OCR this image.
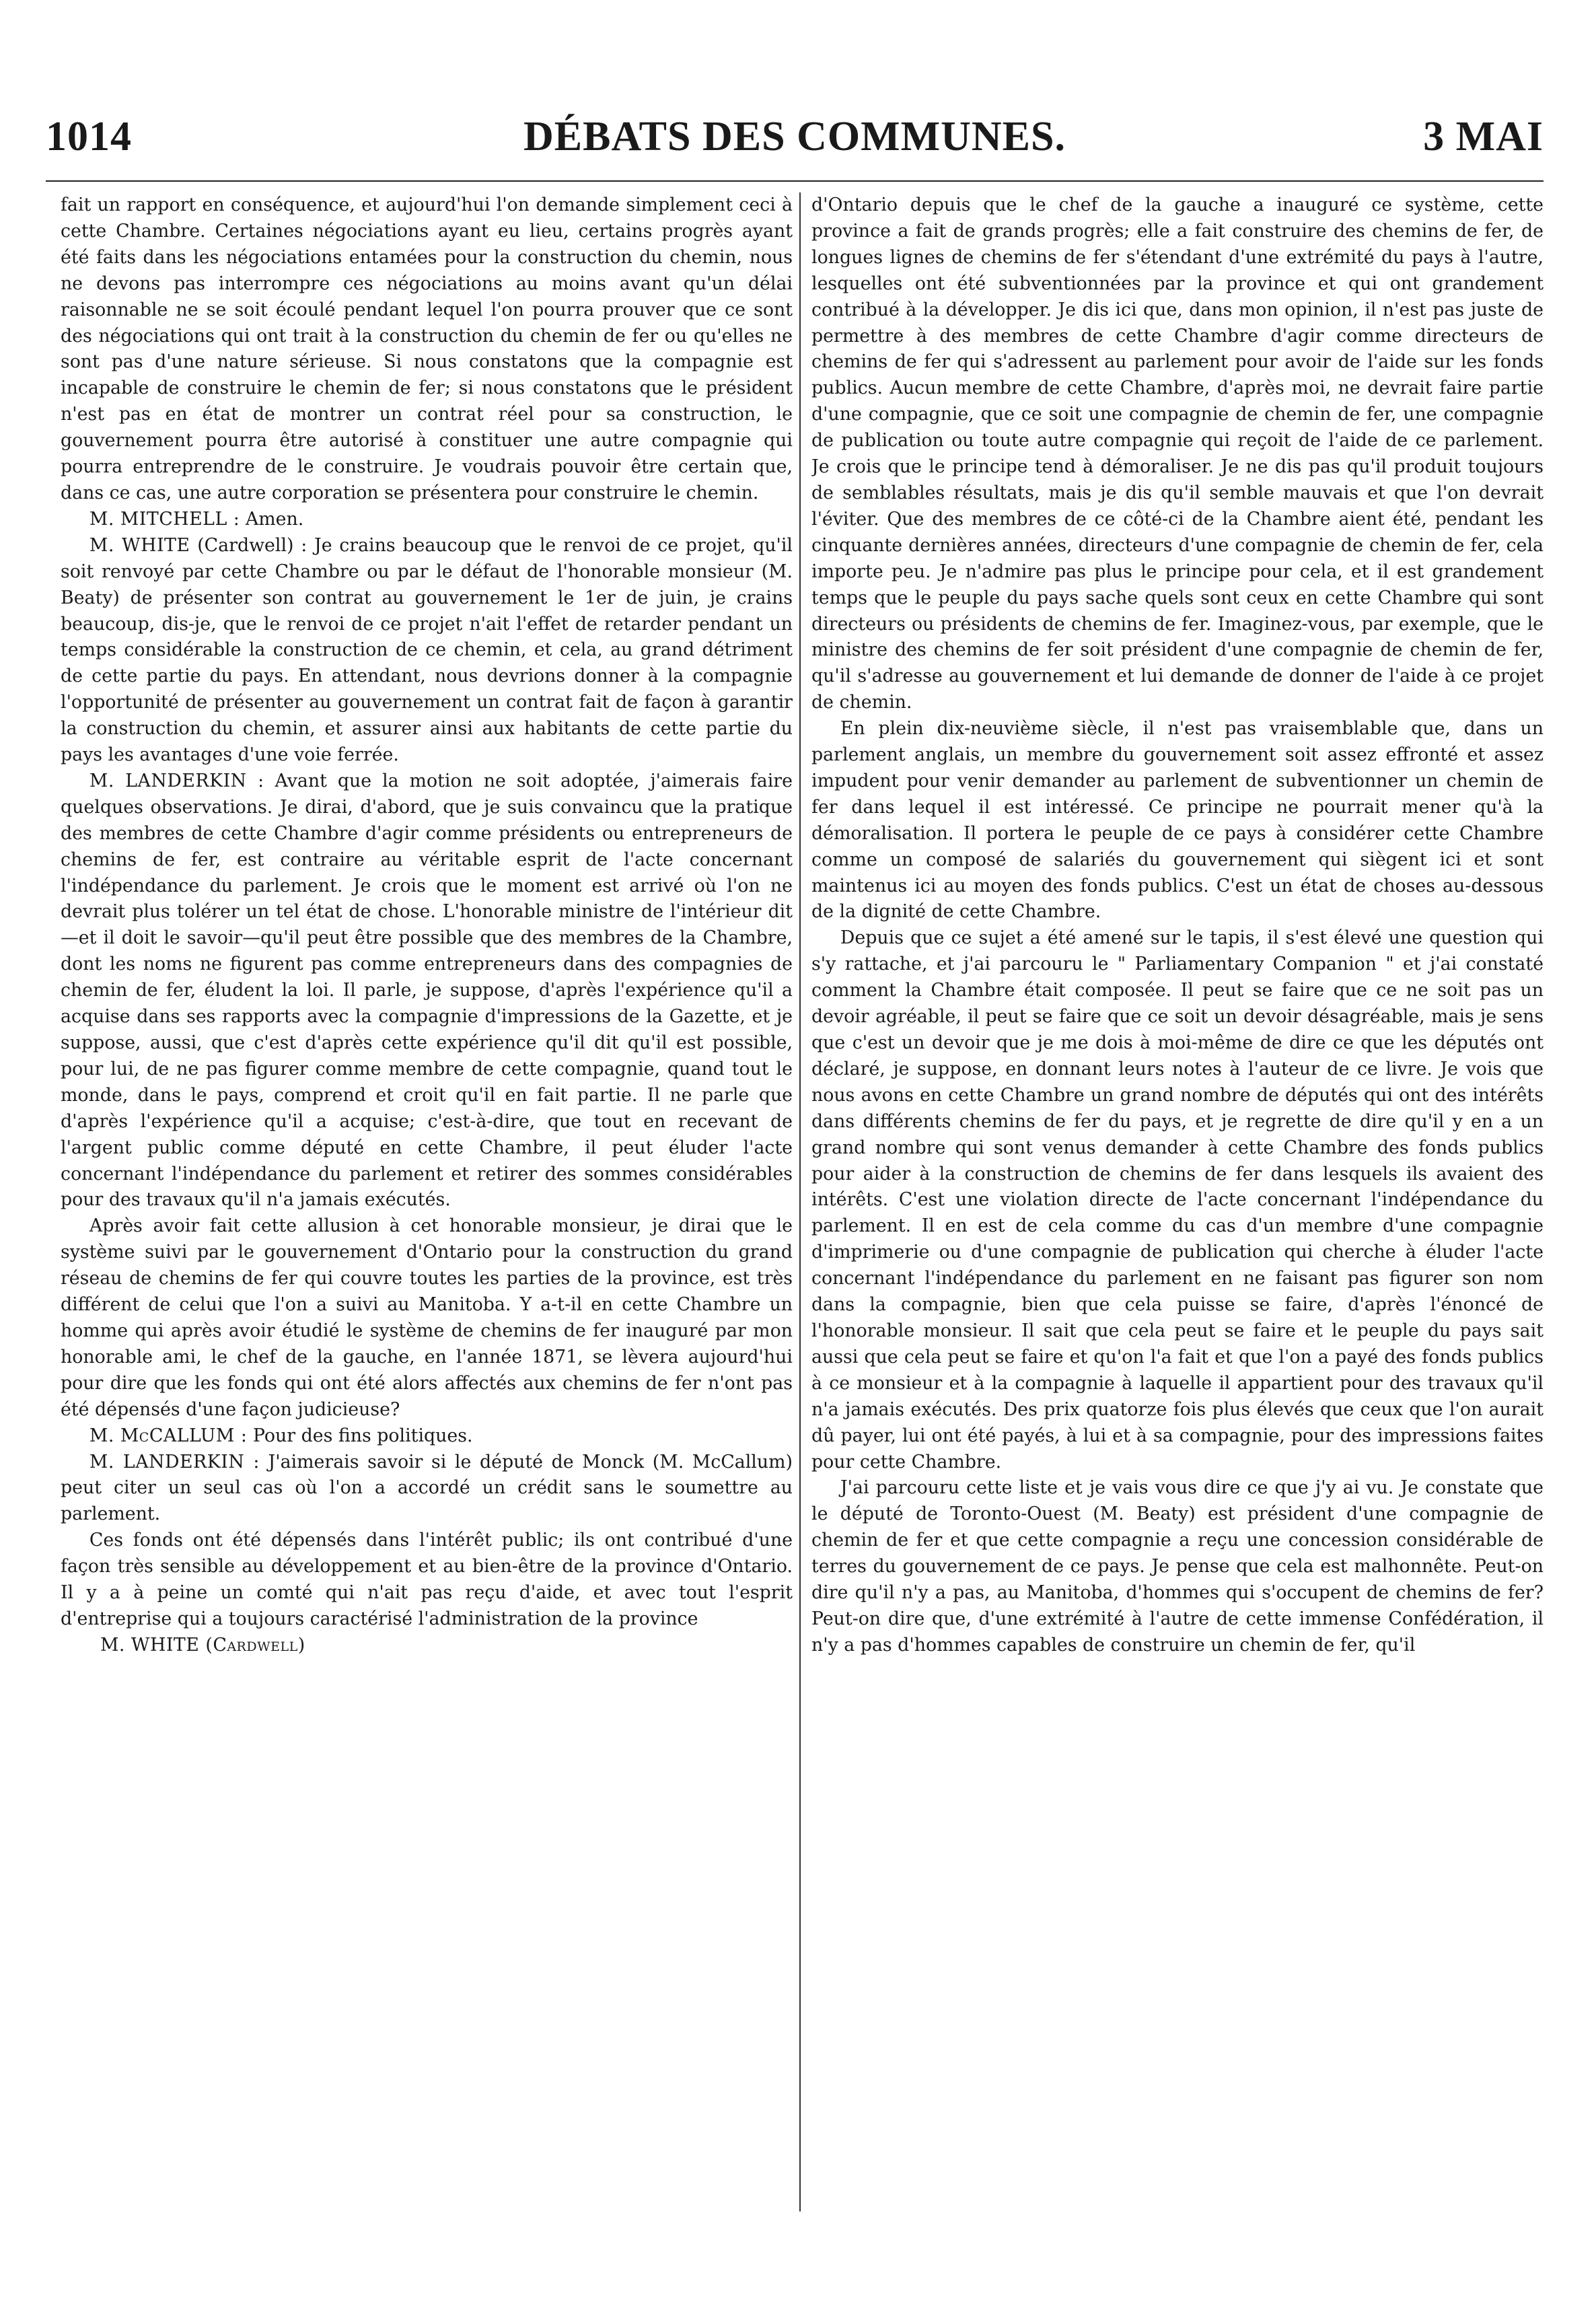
1014	DÉBATS DES COMMUNES.	3 MAI

fait un rapport en conséquence, et aujourd'hui l'on demande simplement ceci à cette Chambre. Certaines négociations ayant eu lieu, certains progrès ayant été faits dans les négociations entamées pour la construction du chemin, nous ne devons pas interrompre ces négociations au moins avant qu'un délai raisonnable ne se soit écoulé pendant lequel l'on pourra prouver que ce sont des négociations qui ont trait à la construction du chemin de fer ou qu'elles ne sont pas d'une nature sérieuse. Si nous constatons que la compagnie est incapable de construire le chemin de fer; si nous constatons que le président n'est pas en état de montrer un contrat réel pour sa construction, le gouvernement pourra être autorisé à constituer une autre compagnie qui pourra entreprendre de le construire. Je voudrais pouvoir être certain que, dans ce cas, une autre corporation se présentera pour construire le chemin.

M. MITCHELL : Amen.

M. WHITE (Cardwell) : Je crains beaucoup que le renvoi de ce projet, qu'il soit renvoyé par cette Chambre ou par le défaut de l'honorable monsieur (M. Beaty) de présenter son contrat au gouvernement le 1er de juin, je crains beaucoup, dis-je, que le renvoi de ce projet n'ait l'effet de retarder pendant un temps considérable la construction de ce chemin, et cela, au grand détriment de cette partie du pays. En attendant, nous devrions donner à la compagnie l'opportunité de présenter au gouvernement un contrat fait de façon à garantir la construction du chemin, et assurer ainsi aux habitants de cette partie du pays les avantages d'une voie ferrée.

M. LANDERKIN : Avant que la motion ne soit adoptée, j'aimerais faire quelques observations. Je dirai, d'abord, que je suis convaincu que la pratique des membres de cette Chambre d'agir comme présidents ou entrepreneurs de chemins de fer, est contraire au véritable esprit de l'acte concernant l'indépendance du parlement. Je crois que le moment est arrivé où l'on ne devrait plus tolérer un tel état de chose. L'honorable ministre de l'intérieur dit—et il doit le savoir—qu'il peut être possible que des membres de la Chambre, dont les noms ne figurent pas comme entrepreneurs dans des compagnies de chemin de fer, éludent la loi. Il parle, je suppose, d'après l'expérience qu'il a acquise dans ses rapports avec la compagnie d'impressions de la Gazette, et je suppose, aussi, que c'est d'après cette expérience qu'il dit qu'il est possible, pour lui, de ne pas figurer comme membre de cette compagnie, quand tout le monde, dans le pays, comprend et croit qu'il en fait partie. Il ne parle que d'après l'expérience qu'il a acquise; c'est-à-dire, que tout en recevant de l'argent public comme député en cette Chambre, il peut éluder l'acte concernant l'indépendance du parlement et retirer des sommes considérables pour des travaux qu'il n'a jamais exécutés.

Après avoir fait cette allusion à cet honorable monsieur, je dirai que le système suivi par le gouvernement d'Ontario pour la construction du grand réseau de chemins de fer qui couvre toutes les parties de la province, est très différent de celui que l'on a suivi au Manitoba. Y a-t-il en cette Chambre un homme qui après avoir étudié le système de chemins de fer inauguré par mon honorable ami, le chef de la gauche, en l'année 1871, se lèvera aujourd'hui pour dire que les fonds qui ont été alors affectés aux chemins de fer n'ont pas été dépensés d'une façon judicieuse?

M. McCALLUM : Pour des fins politiques.

M. LANDERKIN : J'aimerais savoir si le député de Monck (M. McCallum) peut citer un seul cas où l'on a accordé un crédit sans le soumettre au parlement.

Ces fonds ont été dépensés dans l'intérêt public; ils ont contribué d'une façon très sensible au développement et au bien-être de la province d'Ontario. Il y a à peine un comté qui n'ait pas reçu d'aide, et avec tout l'esprit d'entreprise qui a toujours caractérisé l'administration de la province

M. WHITE (Cardwell)

d'Ontario depuis que le chef de la gauche a inauguré ce système, cette province a fait de grands progrès; elle a fait construire des chemins de fer, de longues lignes de chemins de fer s'étendant d'une extrémité du pays à l'autre, lesquelles ont été subventionnées par la province et qui ont grandement contribué à la développer. Je dis ici que, dans mon opinion, il n'est pas juste de permettre à des membres de cette Chambre d'agir comme directeurs de chemins de fer qui s'adressent au parlement pour avoir de l'aide sur les fonds publics. Aucun membre de cette Chambre, d'après moi, ne devrait faire partie d'une compagnie, que ce soit une compagnie de chemin de fer, une compagnie de publication ou toute autre compagnie qui reçoit de l'aide de ce parlement. Je crois que le principe tend à démoraliser. Je ne dis pas qu'il produit toujours de semblables résultats, mais je dis qu'il semble mauvais et que l'on devrait l'éviter. Que des membres de ce côté-ci de la Chambre aient été, pendant les cinquante dernières années, directeurs d'une compagnie de chemin de fer, cela importe peu. Je n'admire pas plus le principe pour cela, et il est grandement temps que le peuple du pays sache quels sont ceux en cette Chambre qui sont directeurs ou présidents de chemins de fer. Imaginez-vous, par exemple, que le ministre des chemins de fer soit président d'une compagnie de chemin de fer, qu'il s'adresse au gouvernement et lui demande de donner de l'aide à ce projet de chemin.

En plein dix-neuvième siècle, il n'est pas vraisemblable que, dans un parlement anglais, un membre du gouvernement soit assez effronté et assez impudent pour venir demander au parlement de subventionner un chemin de fer dans lequel il est intéressé. Ce principe ne pourrait mener qu'à la démoralisation. Il portera le peuple de ce pays à considérer cette Chambre comme un composé de salariés du gouvernement qui siègent ici et sont maintenus ici au moyen des fonds publics. C'est un état de choses au-dessous de la dignité de cette Chambre.

Depuis que ce sujet a été amené sur le tapis, il s'est élevé une question qui s'y rattache, et j'ai parcouru le " Parliamentary Companion " et j'ai constaté comment la Chambre était composée. Il peut se faire que ce ne soit pas un devoir agréable, il peut se faire que ce soit un devoir désagréable, mais je sens que c'est un devoir que je me dois à moi-même de dire ce que les députés ont déclaré, je suppose, en donnant leurs notes à l'auteur de ce livre. Je vois que nous avons en cette Chambre un grand nombre de députés qui ont des intérêts dans différents chemins de fer du pays, et je regrette de dire qu'il y en a un grand nombre qui sont venus demander à cette Chambre des fonds publics pour aider à la construction de chemins de fer dans lesquels ils avaient des intérêts. C'est une violation directe de l'acte concernant l'indépendance du parlement. Il en est de cela comme du cas d'un membre d'une compagnie d'imprimerie ou d'une compagnie de publication qui cherche à éluder l'acte concernant l'indépendance du parlement en ne faisant pas figurer son nom dans la compagnie, bien que cela puisse se faire, d'après l'énoncé de l'honorable monsieur. Il sait que cela peut se faire et le peuple du pays sait aussi que cela peut se faire et qu'on l'a fait et que l'on a payé des fonds publics à ce monsieur et à la compagnie à laquelle il appartient pour des travaux qu'il n'a jamais exécutés. Des prix quatorze fois plus élevés que ceux que l'on aurait dû payer, lui ont été payés, à lui et à sa compagnie, pour des impressions faites pour cette Chambre.

J'ai parcouru cette liste et je vais vous dire ce que j'y ai vu. Je constate que le député de Toronto-Ouest (M. Beaty) est président d'une compagnie de chemin de fer et que cette compagnie a reçu une concession considérable de terres du gouvernement de ce pays. Je pense que cela est malhonnête. Peut-on dire qu'il n'y a pas, au Manitoba, d'hommes qui s'occupent de chemins de fer? Peut-on dire que, d'une extrémité à l'autre de cette immense Confédération, il n'y a pas d'hommes capables de construire un chemin de fer, qu'il
